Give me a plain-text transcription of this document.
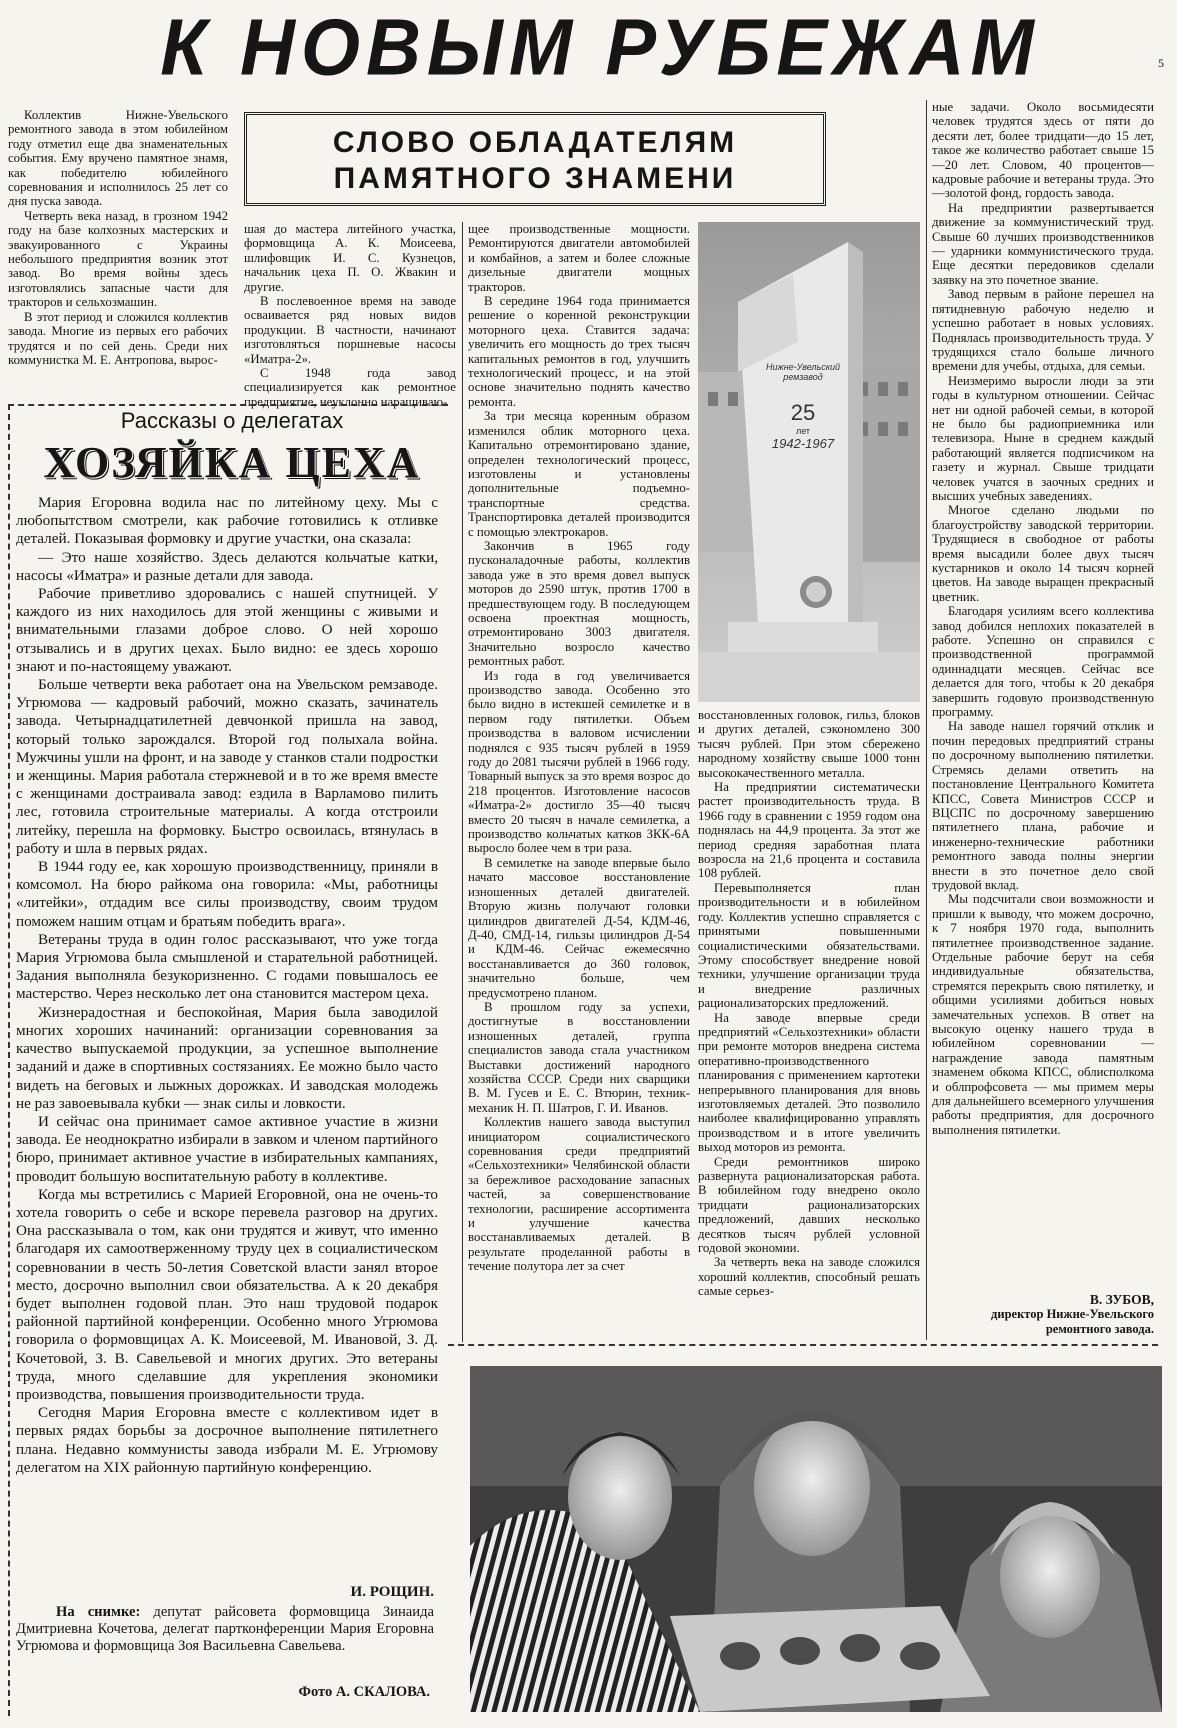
К НОВЫМ РУБЕЖАМ	5

Коллектив Нижне-Увельского ремонтного завода в этом юбилейном году отметил еще два знаменательных события. Ему вручено памятное знамя, как победителю юбилейного соревнования и исполнилось 25 лет со дня пуска завода.

Четверть века назад, в грозном 1942 году на базе колхозных мастерских и эвакуированного с Украины небольшого предприятия возник этот завод. Во время войны здесь изготовлялись запасные части для тракторов и сельхозмашин.

В этот период и сложился коллектив завода. Многие из первых его рабочих трудятся и по сей день. Среди них коммунистка М. Е. Антропова, вырос-

СЛОВО ОБЛАДАТЕЛЯМ
ПАМЯТНОГО ЗНАМЕНИ

шая до мастера литейного участка, формовщица А. К. Моисеева, шлифовщик И. С. Кузнецов, начальник цеха П. О. Жвакин и другие.

В послевоенное время на заводе осваивается ряд новых видов продукции. В частности, начинают изготовляться поршневые насосы «Иматра-2».

С 1948 года завод специализируется как ремонтное предприятие, неуклонно наращиваю-

щее производственные мощности. Ремонтируются двигатели автомобилей и комбайнов, а затем и более сложные дизельные двигатели мощных тракторов.

В середине 1964 года принимается решение о коренной реконструкции моторного цеха. Ставится задача: увеличить его мощность до трех тысяч капитальных ремонтов в год, улучшить технологический процесс, и на этой основе значительно поднять качество ремонта.

За три месяца коренным образом изменился облик моторного цеха. Капитально отремонтировано здание, определен технологический процесс, изготовлены и установлены дополнительные подъемно-транспортные средства. Транспортировка деталей производится с помощью электрокаров.

Закончив в 1965 году пусконаладочные работы, коллектив завода уже в это время довел выпуск моторов до 2590 штук, против 1700 в предшествующем году. В последующем освоена проектная мощность, отремонтировано 3003 двигателя. Значительно возросло качество ремонтных работ.

Из года в год увеличивается производство завода. Особенно это было видно в истекшей семилетке и в первом году пятилетки. Объем производства в валовом исчислении поднялся с 935 тысяч рублей в 1959 году до 2081 тысячи рублей в 1966 году. Товарный выпуск за это время возрос до 218 процентов. Изготовление насосов «Иматра-2» достигло 35—40 тысяч вместо 20 тысяч в начале семилетка, а производство кольчатых катков ЗКК-6А выросло более чем в три раза.

В семилетке на заводе впервые было начато массовое восстановление изношенных деталей двигателей. Вторую жизнь получают головки цилиндров двигателей Д-54, КДМ-46, Д-40, СМД-14, гильзы цилиндров Д-54 и КДМ-46. Сейчас ежемесячно восстанавливается до 360 головок, значительно больше, чем предусмотрено планом.

В прошлом году за успехи, достигнутые в восстановлении изношенных деталей, группа специалистов завода стала участником Выставки достижений народного хозяйства СССР. Среди них сварщики В. М. Гусев и Е. С. Втюрин, техник-механик Н. П. Шатров, Г. И. Иванов.

Коллектив нашего завода выступил инициатором социалистического соревнования среди предприятий «Сельхозтехники» Челябинской области за бережливое расходование запасных частей, за совершенствование технологии, расширение ассортимента и улучшение качества восстанавливаемых деталей. В результате проделанной работы в течение полутора лет за счет

Нижне-Увельский
ремзавод
25
лет
1942-1967

восстановленных головок, гильз, блоков и других деталей, сэкономлено 300 тысяч рублей. При этом сбережено народному хозяйству свыше 1000 тонн высококачественного металла.

На предприятии систематически растет производительность труда. В 1966 году в сравнении с 1959 годом она поднялась на 44,9 процента. За этот же период средняя заработная плата возросла на 21,6 процента и составила 108 рублей.

Перевыполняется план производительности и в юбилейном году. Коллектив успешно справляется с принятыми повышенными социалистическими обязательствами. Этому способствует внедрение новой техники, улучшение организации труда и внедрение различных рационализаторских предложений.

На заводе впервые среди предприятий «Сельхозтехники» области при ремонте моторов внедрена система оперативно-производственного планирования с применением картотеки непрерывного планирования для вновь изготовляемых деталей. Это позволило наиболее квалифицированно управлять производством и в итоге увеличить выход моторов из ремонта.

Среди ремонтников широко развернута рационализаторская работа. В юбилейном году внедрено около тридцати рационализаторских предложений, давших несколько десятков тысяч рублей условной годовой экономии.

За четверть века на заводе сложился хороший коллектив, способный решать самые серьез-

ные задачи. Около восьмидесяти человек трудятся здесь от пяти до десяти лет, более тридцати—до 15 лет, такое же количество работает свыше 15—20 лет. Словом, 40 процентов—кадровые рабочие и ветераны труда. Это—золотой фонд, гордость завода.

На предприятии развертывается движение за коммунистический труд. Свыше 60 лучших производственников — ударники коммунистического труда. Еще десятки передовиков сделали заявку на это почетное звание.

Завод первым в районе перешел на пятидневную рабочую неделю и успешно работает в новых условиях. Поднялась производительность труда. У трудящихся стало больше личного времени для учебы, отдыха, для семьи.

Неизмеримо выросли люди за эти годы в культурном отношении. Сейчас нет ни одной рабочей семьи, в которой не было бы радиоприемника или телевизора. Ныне в среднем каждый работающий является подписчиком на газету и журнал. Свыше тридцати человек учатся в заочных средних и высших учебных заведениях.

Многое сделано людьми по благоустройству заводской территории. Трудящиеся в свободное от работы время высадили более двух тысяч кустарников и около 14 тысяч корней цветов. На заводе выращен прекрасный цветник.

Благодаря усилиям всего коллектива завод добился неплохих показателей в работе. Успешно он справился с производственной программой одиннадцати месяцев. Сейчас все делается для того, чтобы к 20 декабря завершить годовую производственную программу.

На заводе нашел горячий отклик и почин передовых предприятий страны по досрочному выполнению пятилетки. Стремясь делами ответить на постановление Центрального Комитета КПСС, Совета Министров СССР и ВЦСПС по досрочному завершению пятилетнего плана, рабочие и инженерно-технические работники ремонтного завода полны энергии внести в это почетное дело свой трудовой вклад.

Мы подсчитали свои возможности и пришли к выводу, что можем досрочно, к 7 ноября 1970 года, выполнить пятилетнее производственное задание. Отдельные рабочие берут на себя индивидуальные обязательства, стремятся перекрыть свою пятилетку, и общими усилиями добиться новых замечательных успехов. В ответ на высокую оценку нашего труда в юбилейном соревновании — награждение завода памятным знаменем обкома КПСС, облисполкома и облпрофсовета — мы примем меры для дальнейшего всемерного улучшения работы предприятия, для досрочного выполнения пятилетки.

В. ЗУБОВ,
директор Нижне-Увельского
ремонтного завода.
Рассказы о делегатах
ХОЗЯЙКА ЦЕХА

Мария Егоровна водила нас по литейному цеху. Мы с любопытством смотрели, как рабочие готовились к отливке деталей. Показывая формовку и другие участки, она сказала:

— Это наше хозяйство. Здесь делаются кольчатые катки, насосы «Иматра» и разные детали для завода.

Рабочие приветливо здоровались с нашей спутницей. У каждого из них находилось для этой женщины с живыми и внимательными глазами доброе слово. О ней хорошо отзывались и в других цехах. Было видно: ее здесь хорошо знают и по-настоящему уважают.

Больше четверти века работает она на Увельском ремзаводе. Угрюмова — кадровый рабочий, можно сказать, зачинатель завода. Четырнадцатилетней девчонкой пришла на завод, который только зарождался. Второй год полыхала война. Мужчины ушли на фронт, и на заводе у станков стали подростки и женщины. Мария работала стержневой и в то же время вместе с женщинами достраивала завод: ездила в Варламово пилить лес, готовила строительные материалы. А когда отстроили литейку, перешла на формовку. Быстро освоилась, втянулась в работу и шла в первых рядах.

В 1944 году ее, как хорошую производственницу, приняли в комсомол. На бюро райкома она говорила: «Мы, работницы «литейки», отдадим все силы производству, своим трудом поможем нашим отцам и братьям победить врага».

Ветераны труда в один голос рассказывают, что уже тогда Мария Угрюмова была смышленой и старательной работницей. Задания выполняла безукоризненно. С годами повышалось ее мастерство. Через несколько лет она становится мастером цеха.

Жизнерадостная и беспокойная, Мария была заводилой многих хороших начинаний: организации соревнования за качество выпускаемой продукции, за успешное выполнение заданий и даже в спортивных состязаниях. Ее можно было часто видеть на беговых и лыжных дорожках. И заводская молодежь не раз завоевывала кубки — знак силы и ловкости.

И сейчас она принимает самое активное участие в жизни завода. Ее неоднократно избирали в завком и членом партийного бюро, принимает активное участие в избирательных кампаниях, проводит большую воспитательную работу в коллективе.

Когда мы встретились с Марией Егоровной, она не очень-то хотела говорить о себе и вскоре перевела разговор на других. Она рассказывала о том, как они трудятся и живут, что именно благодаря их самоотверженному труду цех в социалистическом соревновании в честь 50-летия Советской власти занял второе место, досрочно выполнил свои обязательства. А к 20 декабря будет выполнен годовой план. Это наш трудовой подарок районной партийной конференции. Особенно много Угрюмова говорила о формовщицах А. К. Моисеевой, М. Ивановой, З. Д. Кочетовой, З. В. Савельевой и многих других. Это ветераны труда, много сделавшие для укрепления экономики производства, повышения производительности труда.

Сегодня Мария Егоровна вместе с коллективом идет в первых рядах борьбы за досрочное выполнение пятилетнего плана. Недавно коммунисты завода избрали М. Е. Угрюмову делегатом на XIX районную партийную конференцию.

И. РОЩИН.

На снимке: депутат райсовета формовщица Зинаида Дмитриевна Кочетова, делегат партконференции Мария Егоровна Угрюмова и формовщица Зоя Васильевна Савельева.

Фото А. СКАЛОВА.
